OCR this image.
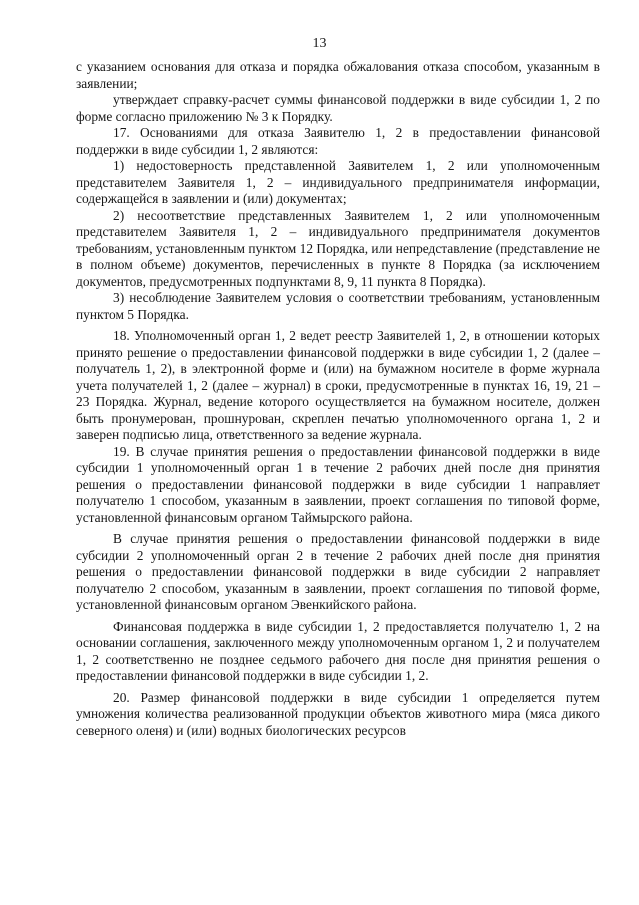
13

с указанием основания для отказа и порядка обжалования отказа способом, указанным в заявлении;

утверждает справку-расчет суммы финансовой поддержки в виде субсидии 1, 2 по форме согласно приложению № 3 к Порядку.

17. Основаниями для отказа Заявителю 1, 2 в предоставлении финансовой поддержки в виде субсидии 1, 2 являются:

1) недостоверность представленной Заявителем 1, 2 или уполномоченным представителем Заявителя 1, 2 – индивидуального предпринимателя информации, содержащейся в заявлении и (или) документах;

2) несоответствие представленных Заявителем 1, 2 или уполномоченным представителем Заявителя 1, 2 – индивидуального предпринимателя документов требованиям, установленным пунктом 12 Порядка, или непредставление (представление не в полном объеме) документов, перечисленных в пункте 8 Порядка (за исключением документов, предусмотренных подпунктами 8, 9, 11 пункта 8 Порядка).

3) несоблюдение Заявителем условия о соответствии требованиям, установленным пунктом 5 Порядка.

18. Уполномоченный орган 1, 2 ведет реестр Заявителей 1, 2, в отношении которых принято решение о предоставлении финансовой поддержки в виде субсидии 1, 2 (далее – получатель 1, 2), в электронной форме и (или) на бумажном носителе в форме журнала учета получателей 1, 2 (далее – журнал) в сроки, предусмотренные в пунктах 16, 19, 21 – 23 Порядка. Журнал, ведение которого осуществляется на бумажном носителе, должен быть пронумерован, прошнурован, скреплен печатью уполномоченного органа 1, 2 и заверен подписью лица, ответственного за ведение журнала.

19. В случае принятия решения о предоставлении финансовой поддержки в виде субсидии 1 уполномоченный орган 1 в течение 2 рабочих дней после дня принятия решения о предоставлении финансовой поддержки в виде субсидии 1 направляет получателю 1 способом, указанным в заявлении, проект соглашения по типовой форме, установленной финансовым органом Таймырского района.

В случае принятия решения о предоставлении финансовой поддержки в виде субсидии 2 уполномоченный орган 2 в течение 2 рабочих дней после дня принятия решения о предоставлении финансовой поддержки в виде субсидии 2 направляет получателю 2 способом, указанным в заявлении, проект соглашения по типовой форме, установленной финансовым органом Эвенкийского района.

Финансовая поддержка в виде субсидии 1, 2 предоставляется получателю 1, 2 на основании соглашения, заключенного между уполномоченным органом 1, 2 и получателем 1, 2 соответственно не позднее седьмого рабочего дня после дня принятия решения о предоставлении финансовой поддержки в виде субсидии 1, 2.

20. Размер финансовой поддержки в виде субсидии 1 определяется путем умножения количества реализованной продукции объектов животного мира (мяса дикого северного оленя) и (или) водных биологических ресурсов
